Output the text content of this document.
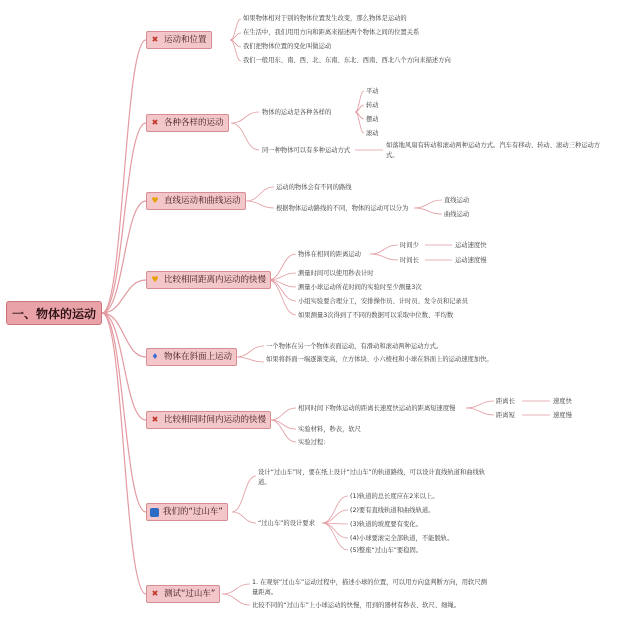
一、物体的运动
✖ 运动和位置
如果物体相对于别的物体位置发生改变，那么物体是运动的
在生活中，我们用用方向和距离来描述两个物体之间的位置关系
我们把物体位置的变化叫做运动
我们一般用东、南、西、北、东南、东北、西南、西北八个方向来描述方向
✖ 各种各样的运动
物体的运动是各种各样的
平动
转动
摆动
滚动
同一种物体可以有多种运动方式
如落地风扇有转动和滚动两种运动方式。汽车有移动、转动、滚动三种运动方式。
♥ 直线运动和曲线运动
运动的物体会有不同的路线
根据物体运动路线的不同，物体的运动可以分为
直线运动
曲线运动
♥ 比较相同距离内运动的快慢
物体在相同的距离运动
时间少	运动速度快
时间长	运动速度慢
测量时间可以使用秒表计时
测量小球运动所花时间的实验时至少测量3次
小组实验要合理分工，安排操作员、计时员、发令员和记录员
如果测量3次得到了不同的数据可以采取中位数、平均数
♦ 物体在斜面上运动
一个物体在另一个物体表面运动，有滑动和滚动两种运动方式。
如果将斜面一端逐渐变高，立方体块、小六棱柱和小球在斜面上的运动速度加快。
✖ 比较相同时间内运动的快慢
相同时间下物体运动的距离长速度快运动的距离短速度慢
距离长	速度快
距离短	速度慢
实验材料，秒表，软尺
实验过程：
我们的“过山车”
设计“过山车”时，要在纸上设计“过山车”的轨道路线，可以设计直线轨道和曲线轨道。
“过山车”的设计要求
(1)轨道的总长度应在2米以上。
(2)要有直线轨道和曲线轨道。
(3)轨道的坡度要有变化。
(4)小球要滚完全部轨道，不能脱轨。
(5)整座“过山车”要稳固。
✖ 测试“过山车”
1. 在观察“过山车”运动过程中，描述小球的位置，可以用方向盘判断方向，用软尺测量距离。
比较不同的“过山车”上小球运动的快慢，用到的器材有秒表、软尺、细绳。
